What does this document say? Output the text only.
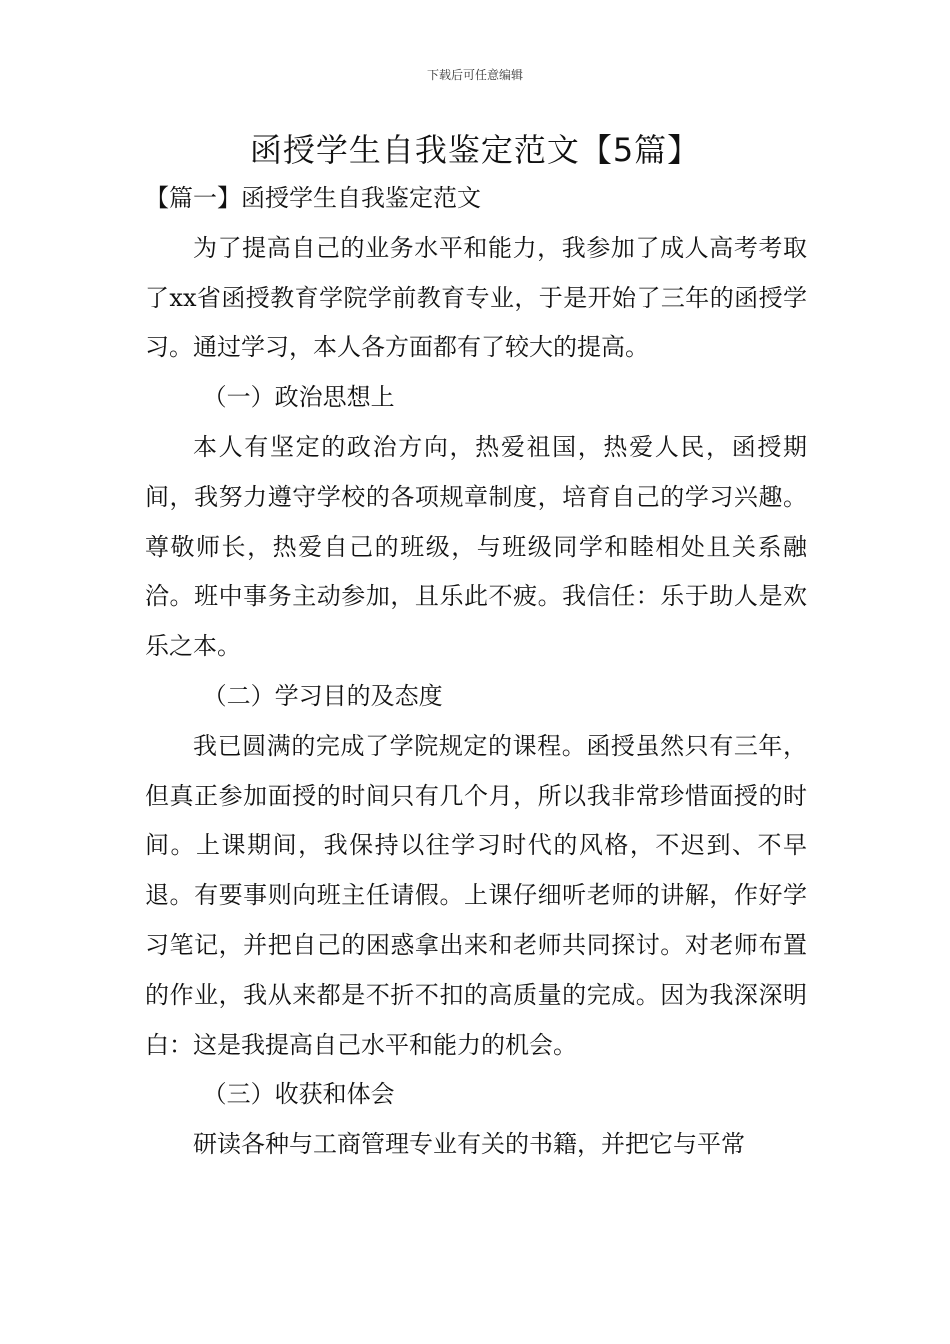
下载后可任意编辑
函授学生自我鉴定范文【5篇】

【篇一】函授学生自我鉴定范文

为了提高自己的业务水平和能力，我参加了成人高考考取了xx省函授教育学院学前教育专业，于是开始了三年的函授学习。通过学习，本人各方面都有了较大的提高。

（一）政治思想上

本人有坚定的政治方向，热爱祖国，热爱人民，函授期间，我努力遵守学校的各项规章制度，培育自己的学习兴趣。尊敬师长，热爱自己的班级，与班级同学和睦相处且关系融洽。班中事务主动参加，且乐此不疲。我信任：乐于助人是欢乐之本。

（二）学习目的及态度

我已圆满的完成了学院规定的课程。函授虽然只有三年，但真正参加面授的时间只有几个月，所以我非常珍惜面授的时间。上课期间，我保持以往学习时代的风格，不迟到、不早退。有要事则向班主任请假。上课仔细听老师的讲解，作好学习笔记，并把自己的困惑拿出来和老师共同探讨。对老师布置的作业，我从来都是不折不扣的高质量的完成。因为我深深明白：这是我提高自己水平和能力的机会。

（三）收获和体会

研读各种与工商管理专业有关的书籍，并把它与平常
